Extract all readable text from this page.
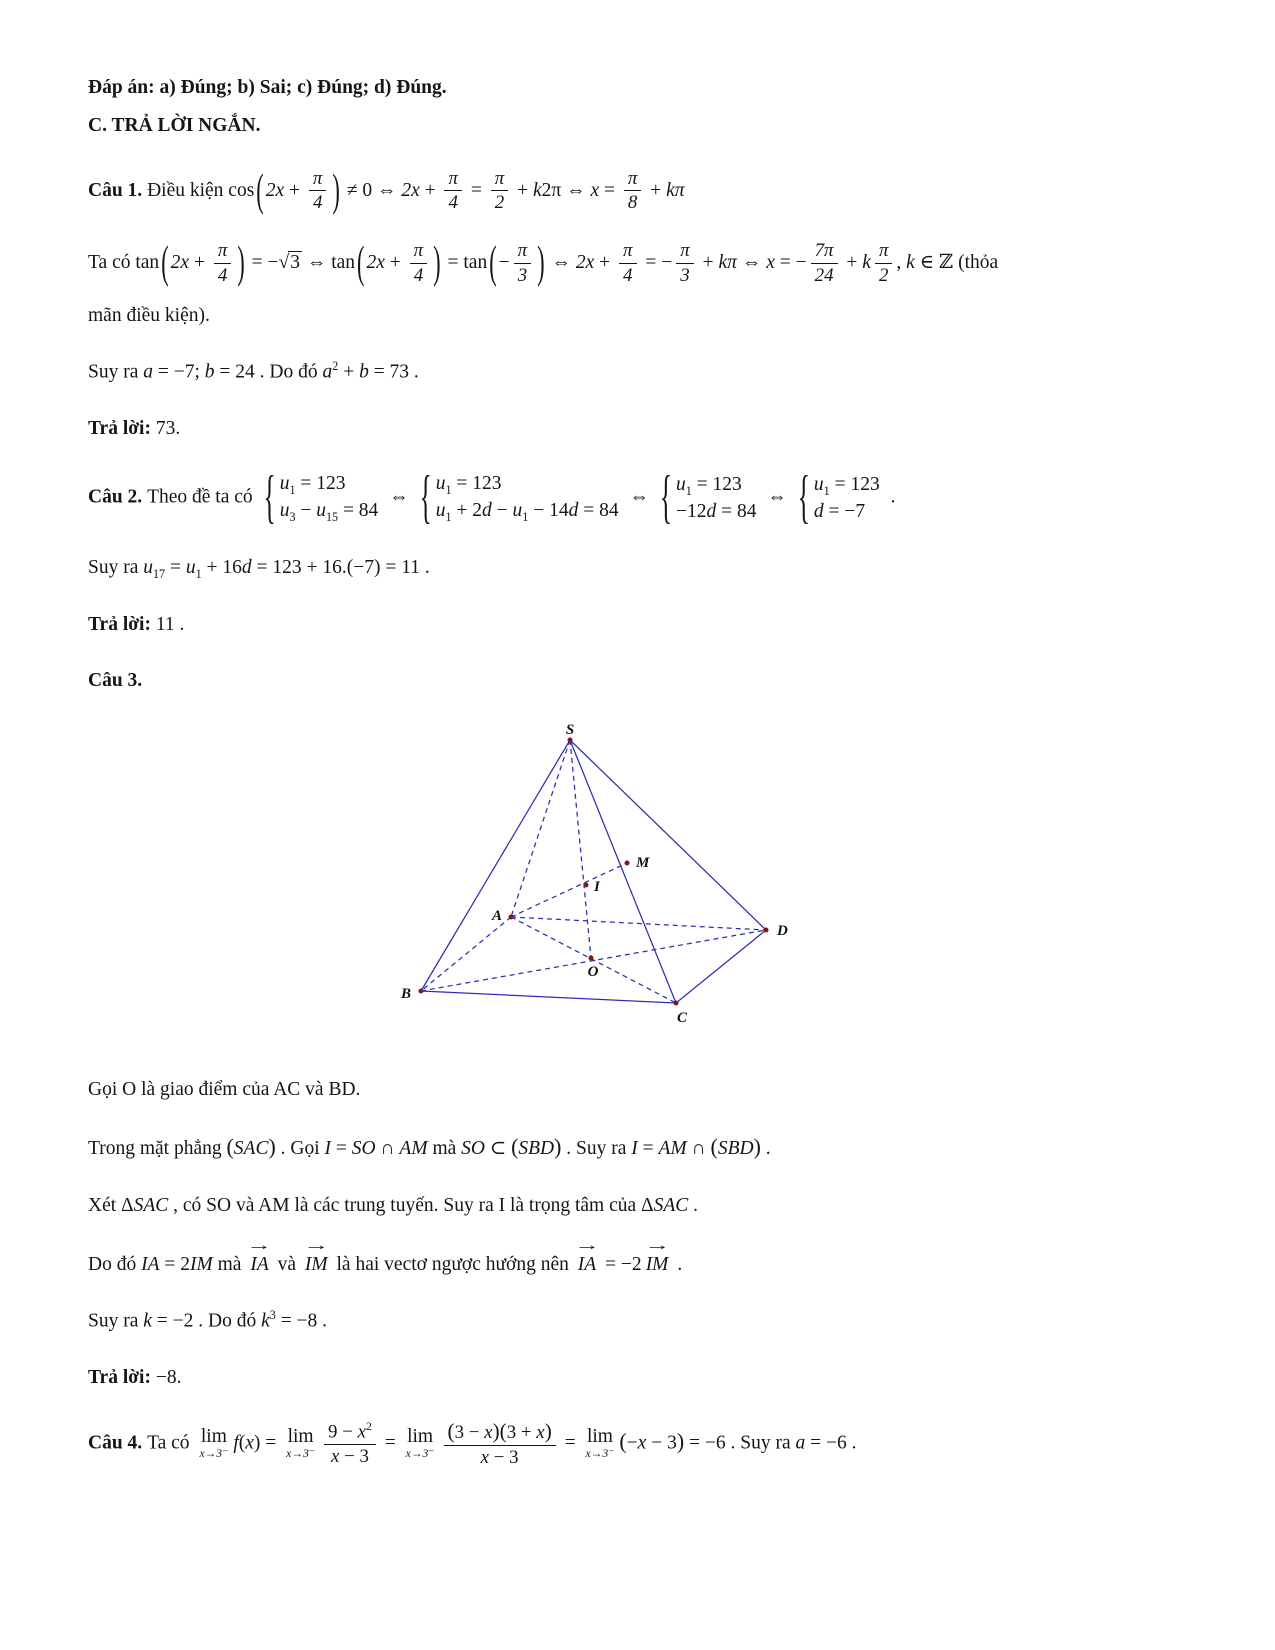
Đáp án: a) Đúng; b) Sai; c) Đúng; d) Đúng.
C. TRẢ LỜI NGẮN.
Câu 1. Điều kiện cos( $2x + \frac{\pi}{4}$ ) ≠ 0 ⇔ $2x + \frac{\pi}{4} = \frac{\pi}{2} + k2\pi$ ⇔ $x = \frac{\pi}{8} + k\pi$
Ta có tan( $2x + \frac{\pi}{4}$ ) = −√3 ⇔ tan( $2x + \frac{\pi}{4}$ ) = $\tan( - \frac{\pi}{3}$ ) ⇔ $2x + \frac{\pi}{4}$ = − $\frac{\pi}{3} + k\pi$ ⇔ x = − $\frac{7\pi}{24} + k \frac{\pi}{2}$ , k ∈ ℤ (thỏa
mãn điều kiện).
Suy ra a = −7; b = 24 . Do đó $a^2 + b = 73$ .
Trả lời: 73.
Câu 2. Theo đề ta có { $u_1 = 123$
$u_3 - u_{15} = 84$
⇔ { $u_1 = 123$
$u_1 + 2d - u_1 - 14d = 84$
⇔ { $u_1 = 123$
−12d = 84
⇔ { $u_1 = 123$
d = −7
.
Suy ra $u_{17} = u_1 + 16d = 123 + 16.(-7) = 11$ .
Trả lời: 11 .
Câu 3.
S
M
I
A
D
O
B
C
Gọi O là giao điểm của AC và BD.
Trong mặt phẳng (SAC) . Gọi I = SO ∩ AM mà SO ⊂ (SBD) . Suy ra I = AM ∩ (SBD) .
Xét ΔSAC , có SO và AM là các trung tuyến. Suy ra I là trọng tâm của ΔSAC .
Do đó IA = 2IM mà
→
IA và
→
IM là hai vectơ ngược hướng nên
→
IA = −2
→
IM .
Suy ra k = −2 . Do đó $k^3 = -8$ .
Trả lời: −8.
Câu 4. Ta có lim
x→3⁻
f(x) = lim
$x\to 3^- \frac{9 - x^2}{x - 3} = \lim$
$x\to 3^- \frac{(3 - x)(3 + x)}{x - 3} = \lim$
x→3⁻
(−x − 3) = −6 . Suy ra a = −6 .
